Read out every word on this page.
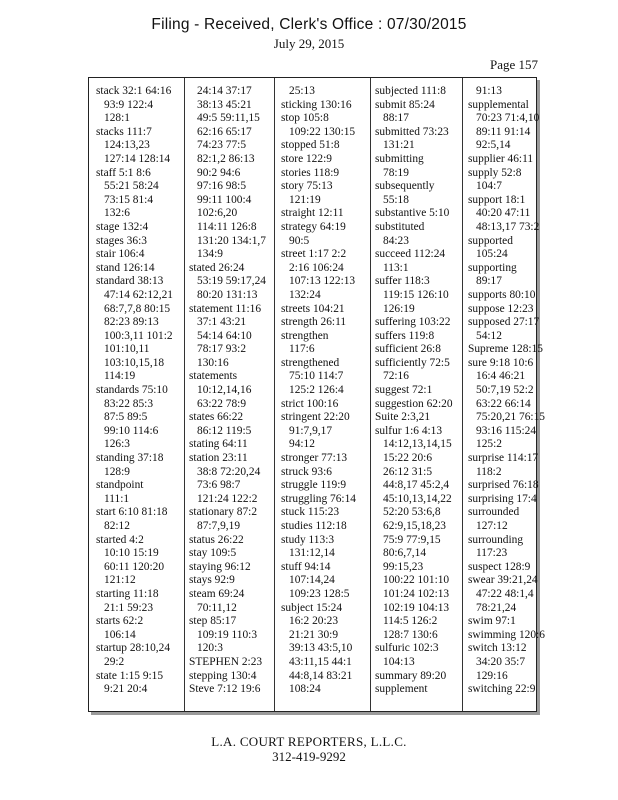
Filing - Received, Clerk's Office : 07/30/2015
July 29, 2015
Page 157
stack 32:1 64:16
93:9 122:4
128:1
stacks 111:7
124:13,23
127:14 128:14
staff 5:1 8:6
55:21 58:24
73:15 81:4
132:6
stage 132:4
stages 36:3
stair 106:4
stand 126:14
standard 38:13
47:14 62:12,21
68:7,7,8 80:15
82:23 89:13
100:3,11 101:2
101:10,11
103:10,15,18
114:19
standards 75:10
83:22 85:3
87:5 89:5
99:10 114:6
126:3
standing 37:18
128:9
standpoint
111:1
start 6:10 81:18
82:12
started 4:2
10:10 15:19
60:11 120:20
121:12
starting 11:18
21:1 59:23
starts 62:2
106:14
startup 28:10,24
29:2
state 1:15 9:15
9:21 20:4
24:14 37:17
38:13 45:21
49:5 59:11,15
62:16 65:17
74:23 77:5
82:1,2 86:13
90:2 94:6
97:16 98:5
99:11 100:4
102:6,20
114:11 126:8
131:20 134:1,7
134:9
stated 26:24
53:19 59:17,24
80:20 131:13
statement 11:16
37:1 43:21
54:14 64:10
78:17 93:2
130:16
statements
10:12,14,16
63:22 78:9
states 66:22
86:12 119:5
stating 64:11
station 23:11
38:8 72:20,24
73:6 98:7
121:24 122:2
stationary 87:2
87:7,9,19
status 26:22
stay 109:5
staying 96:12
stays 92:9
steam 69:24
70:11,12
step 85:17
109:19 110:3
120:3
STEPHEN 2:23
stepping 130:4
Steve 7:12 19:6
25:13
sticking 130:16
stop 105:8
109:22 130:15
stopped 51:8
store 122:9
stories 118:9
story 75:13
121:19
straight 12:11
strategy 64:19
90:5
street 1:17 2:2
2:16 106:24
107:13 122:13
132:24
streets 104:21
strength 26:11
strengthen
117:6
strengthened
75:10 114:7
125:2 126:4
strict 100:16
stringent 22:20
91:7,9,17
94:12
stronger 77:13
struck 93:6
struggle 119:9
struggling 76:14
stuck 115:23
studies 112:18
study 113:3
131:12,14
stuff 94:14
107:14,24
109:23 128:5
subject 15:24
16:2 20:23
21:21 30:9
39:13 43:5,10
43:11,15 44:1
44:8,14 83:21
108:24
subjected 111:8
submit 85:24
88:17
submitted 73:23
131:21
submitting
78:19
subsequently
55:18
substantive 5:10
substituted
84:23
succeed 112:24
113:1
suffer 118:3
119:15 126:10
126:19
suffering 103:22
suffers 119:8
sufficient 26:8
sufficiently 72:5
72:16
suggest 72:1
suggestion 62:20
Suite 2:3,21
sulfur 1:6 4:13
14:12,13,14,15
15:22 20:6
26:12 31:5
44:8,17 45:2,4
45:10,13,14,22
52:20 53:6,8
62:9,15,18,23
75:9 77:9,15
80:6,7,14
99:15,23
100:22 101:10
101:24 102:13
102:19 104:13
114:5 126:2
128:7 130:6
sulfuric 102:3
104:13
summary 89:20
supplement
91:13
supplemental
70:23 71:4,10
89:11 91:14
92:5,14
supplier 46:11
supply 52:8
104:7
support 18:1
40:20 47:11
48:13,17 73:2
supported
105:24
supporting
89:17
supports 80:10
suppose 12:23
supposed 27:17
54:12
Supreme 128:15
sure 9:18 10:6
16:4 46:21
50:7,19 52:2
63:22 66:14
75:20,21 76:15
93:16 115:24
125:2
surprise 114:17
118:2
surprised 76:18
surprising 17:4
surrounded
127:12
surrounding
117:23
suspect 128:9
swear 39:21,24
47:22 48:1,4
78:21,24
swim 97:1
swimming 120:6
switch 13:12
34:20 35:7
129:16
switching 22:9
L.A. COURT REPORTERS, L.L.C.
312-419-9292
